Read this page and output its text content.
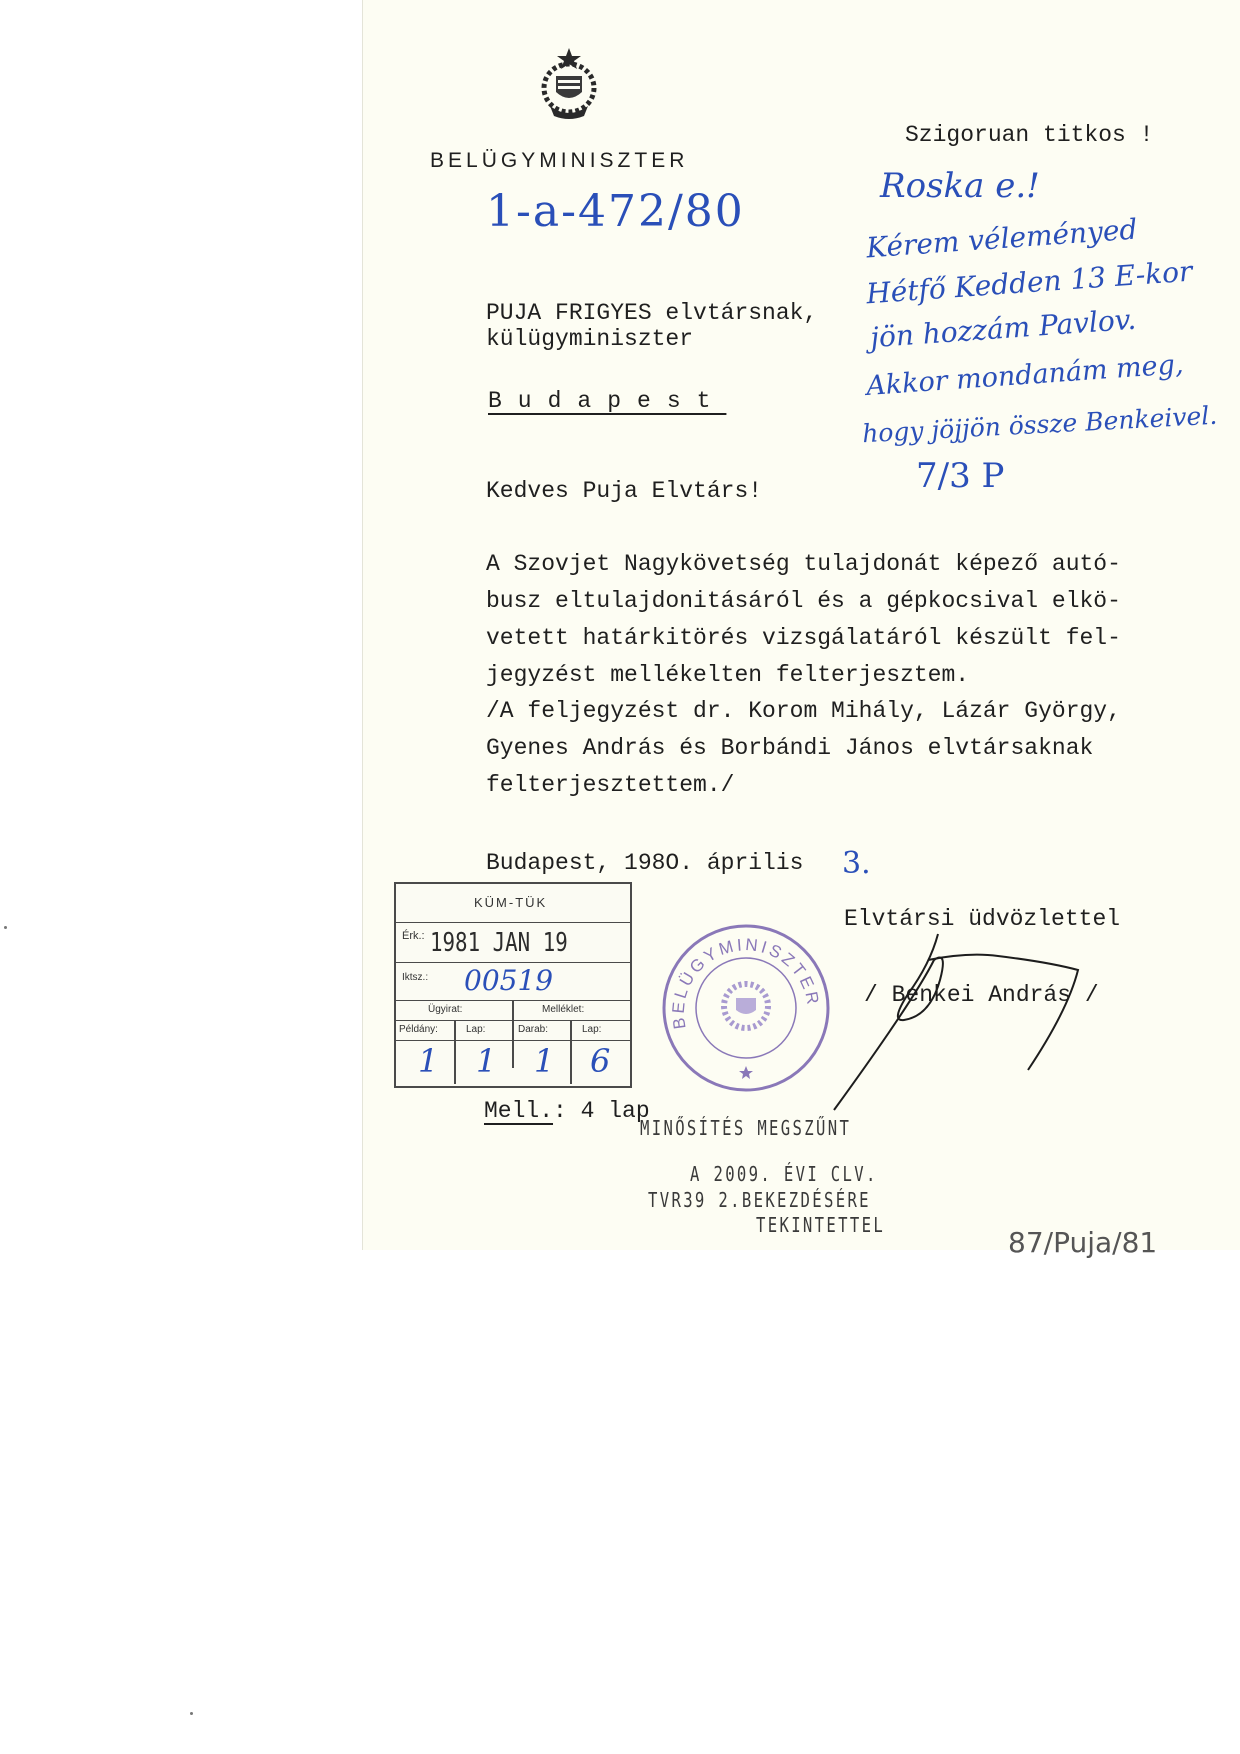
BELÜGYMINISZTER

Szigoruan titkos !

1-a-472/80

PUJA FRIGYES elvtársnak,

külügyminiszter

Budapest

Kedves Puja Elvtárs!

A Szovjet Nagykövetség tulajdonát képező autó-

busz eltulajdonitásáról és a gépkocsival elkö-

vetett határkitörés vizsgálatáról készült fel-

jegyzést mellékelten felterjesztem.

/A feljegyzést dr. Korom Mihály, Lázár György,

Gyenes András és Borbándi János elvtársaknak

felterjesztettem./

Budapest, 198O. április 3.

Elvtársi üdvözlettel

/ Benkei András /

Mell.: 4 lap

Roska e.!

Kérem véleményed

Hétfő Kedden 13 E-kor

jön hozzám Pavlov.

Akkor mondanám meg,

hogy jöjjön össze Benkeivel.

7/3 P

KÜM-TÜK
Érk.: 1981 JAN 19
Iktsz.: 00519
Ügyirat:	Melléklet:
Példány:	Lap:	Darab:	Lap:
1 1 1 6
BELÜGYMINISZTER

MINŐSÍTÉS MEGSZŰNT

A 2009. ÉVI CLV.

TVR39 2.BEKEZDÉSÉRE

TEKINTETTEL

87/Puja/81
